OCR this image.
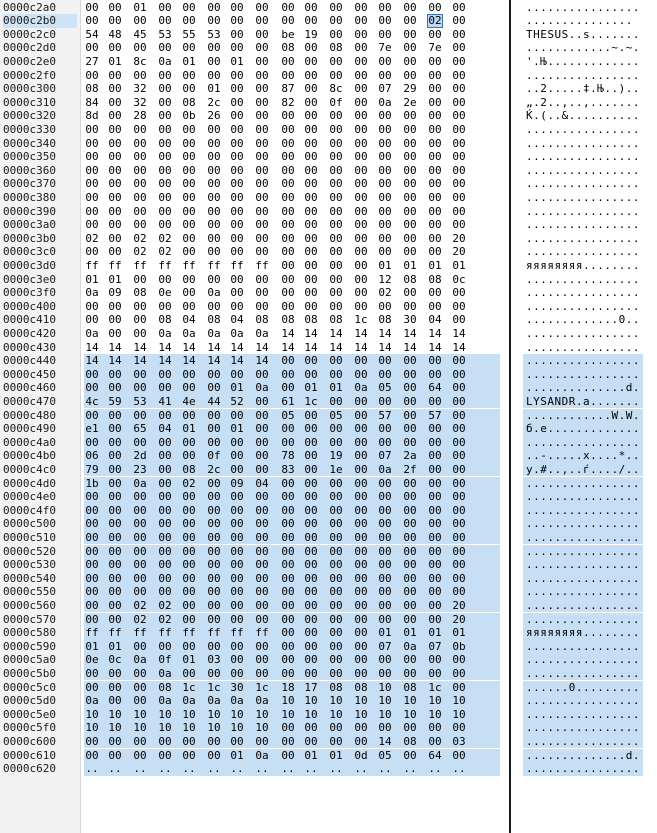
0000c2a0	00 00 01 00 00 00 00 00 00 00 00 00 00 00 00 00	................
0000c2b0	00 00 00 00 00 00 00 00 00 00 00 00 00 00 02 00	...............
0000c2c0	54 48 45 53 55 53 00 00 be 19 00 00 00 00 00 00	THESUS..s.......
0000c2d0	00 00 00 00 00 00 00 00 08 00 08 00 7e 00 7e 00	............~.~.
0000c2e0	27 01 8c 0a 01 00 01 00 00 00 00 00 00 00 00 00	'.Њ.............
0000c2f0	00 00 00 00 00 00 00 00 00 00 00 00 00 00 00 00	................
0000c300	08 00 32 00 00 01 00 00 87 00 8c 00 07 29 00 00	..2.....‡.Њ..)..
0000c310	84 00 32 00 08 2c 00 00 82 00 0f 00 0a 2e 00 00	„.2..,..‚.......
0000c320	8d 00 28 00 0b 26 00 00 00 00 00 00 00 00 00 00	Ќ.(..&..........
0000c330	00 00 00 00 00 00 00 00 00 00 00 00 00 00 00 00	................
0000c340	00 00 00 00 00 00 00 00 00 00 00 00 00 00 00 00	................
0000c350	00 00 00 00 00 00 00 00 00 00 00 00 00 00 00 00	................
0000c360	00 00 00 00 00 00 00 00 00 00 00 00 00 00 00 00	................
0000c370	00 00 00 00 00 00 00 00 00 00 00 00 00 00 00 00	................
0000c380	00 00 00 00 00 00 00 00 00 00 00 00 00 00 00 00	................
0000c390	00 00 00 00 00 00 00 00 00 00 00 00 00 00 00 00	................
0000c3a0	00 00 00 00 00 00 00 00 00 00 00 00 00 00 00 00	................
0000c3b0	02 00 02 02 00 00 00 00 00 00 00 00 00 00 00 20	................
0000c3c0	00 00 02 02 00 00 00 00 00 00 00 00 00 00 00 20	................
0000c3d0	ff ff ff ff ff ff ff ff 00 00 00 00 01 01 01 01	яяяяяяяя........
0000c3e0	01 01 00 00 00 00 00 00 00 00 00 00 12 08 08 0c	................
0000c3f0	0a 09 08 0e 00 0a 00 00 00 00 00 00 02 00 00 00	................
0000c400	00 00 00 00 00 00 00 00 00 00 00 00 00 00 00 00	................
0000c410	00 00 00 08 04 08 04 08 08 08 08 1c 08 30 04 00	.............0..
0000c420	0a 00 00 0a 0a 0a 0a 0a 14 14 14 14 14 14 14 14	................
0000c430	14 14 14 14 14 14 14 14 14 14 14 14 14 14 14 14	................
0000c440	14 14 14 14 14 14 14 14 00 00 00 00 00 00 00 00	................
0000c450	00 00 00 00 00 00 00 00 00 00 00 00 00 00 00 00	................
0000c460	00 00 00 00 00 00 01 0a 00 01 01 0a 05 00 64 00	..............d.
0000c470	4c 59 53 41 4e 44 52 00 61 1c 00 00 00 00 00 00	LYSANDR.a.......
0000c480	00 00 00 00 00 00 00 00 05 00 05 00 57 00 57 00	............W.W.
0000c490	e1 00 65 04 01 00 01 00 00 00 00 00 00 00 00 00	б.е.............
0000c4a0	00 00 00 00 00 00 00 00 00 00 00 00 00 00 00 00	................
0000c4b0	06 00 2d 00 00 0f 00 00 78 00 19 00 07 2a 00 00	..-.....x....*..
0000c4c0	79 00 23 00 08 2c 00 00 83 00 1e 00 0a 2f 00 00	y.#..,..ѓ..../..
0000c4d0	1b 00 0a 00 02 00 09 04 00 00 00 00 00 00 00 00	................
0000c4e0	00 00 00 00 00 00 00 00 00 00 00 00 00 00 00 00	................
0000c4f0	00 00 00 00 00 00 00 00 00 00 00 00 00 00 00 00	................
0000c500	00 00 00 00 00 00 00 00 00 00 00 00 00 00 00 00	................
0000c510	00 00 00 00 00 00 00 00 00 00 00 00 00 00 00 00	................
0000c520	00 00 00 00 00 00 00 00 00 00 00 00 00 00 00 00	................
0000c530	00 00 00 00 00 00 00 00 00 00 00 00 00 00 00 00	................
0000c540	00 00 00 00 00 00 00 00 00 00 00 00 00 00 00 00	................
0000c550	00 00 00 00 00 00 00 00 00 00 00 00 00 00 00 00	................
0000c560	00 00 02 02 00 00 00 00 00 00 00 00 00 00 00 20	................
0000c570	00 00 02 02 00 00 00 00 00 00 00 00 00 00 00 20	................
0000c580	ff ff ff ff ff ff ff ff 00 00 00 00 01 01 01 01	яяяяяяяя........
0000c590	01 01 00 00 00 00 00 00 00 00 00 00 07 0a 07 0b	................
0000c5a0	0e 0c 0a 0f 01 03 00 00 00 00 00 00 00 00 00 00	................
0000c5b0	00 00 00 0a 00 00 00 00 00 00 00 00 00 00 00 00	................
0000c5c0	00 00 00 08 1c 1c 30 1c 18 17 08 08 10 08 1c 00	......0.........
0000c5d0	0a 00 00 0a 0a 0a 0a 0a 10 10 10 10 10 10 10 10	................
0000c5e0	10 10 10 10 10 10 10 10 10 10 10 10 10 10 10 10	................
0000c5f0	10 10 10 10 10 10 10 10 00 00 00 00 00 00 00 00	................
0000c600	00 00 00 00 00 00 00 00 00 00 00 00 14 08 00 03	................
0000c610	00 00 00 00 00 00 01 0a 00 01 01 0d 05 00 64 00	..............d.
0000c620	.. .. .. .. .. .. .. .. .. .. .. .. .. .. .. ..	................
